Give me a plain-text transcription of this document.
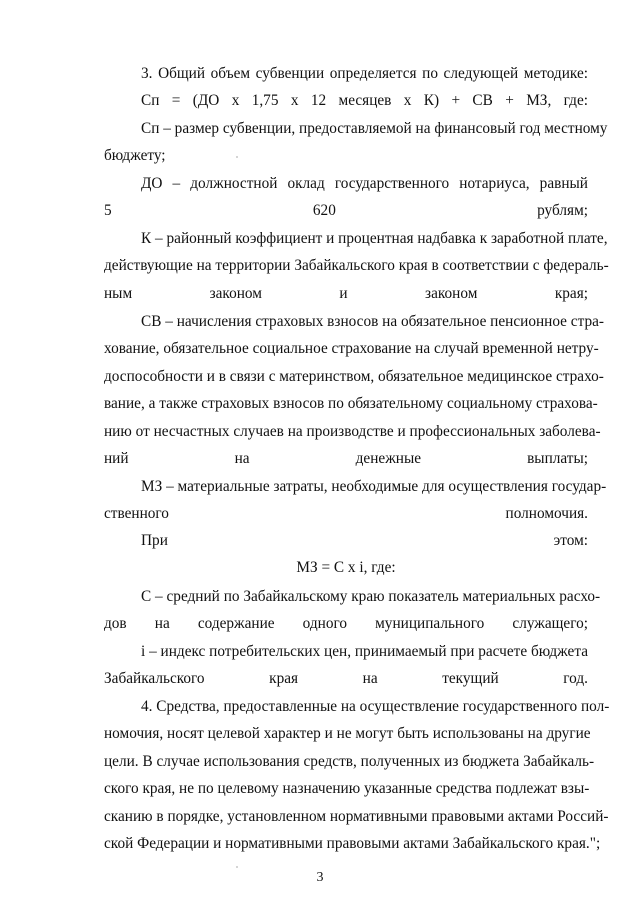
3. Общий объем субвенции определяется по следующей методике:

Сп = (ДО х 1,75 х 12 месяцев х К) + СВ + МЗ, где:

Сп – размер субвенции, предоставляемой на финансовый год местному

бюджету;

ДО – должностной оклад государственного нотариуса, равный

5 620 рублям;

К – районный коэффициент и процентная надбавка к заработной плате,

действующие на территории Забайкальского края в соответствии с федераль-

ным законом и законом края;

СВ – начисления страховых взносов на обязательное пенсионное стра-

хование, обязательное социальное страхование на случай временной нетру-

доспособности и в связи с материнством, обязательное медицинское страхо-

вание, а также страховых взносов по обязательному социальному страхова-

нию от несчастных случаев на производстве и профессиональных заболева-

ний на денежные выплаты;

МЗ – материальные затраты, необходимые для осуществления государ-

ственного полномочия.

При этом:

МЗ = С х i, где:

С – средний по Забайкальскому краю показатель материальных расхо-

дов на содержание одного муниципального служащего;

i – индекс потребительских цен, принимаемый при расчете бюджета

Забайкальского края на текущий год.

4. Средства, предоставленные на осуществление государственного пол-

номочия, носят целевой характер и не могут быть использованы на другие

цели. В случае использования средств, полученных из бюджета Забайкаль-

ского края, не по целевому назначению указанные средства подлежат взы-

сканию в порядке, установленном нормативными правовыми актами Россий-

ской Федерации и нормативными правовыми актами Забайкальского края.";

3
